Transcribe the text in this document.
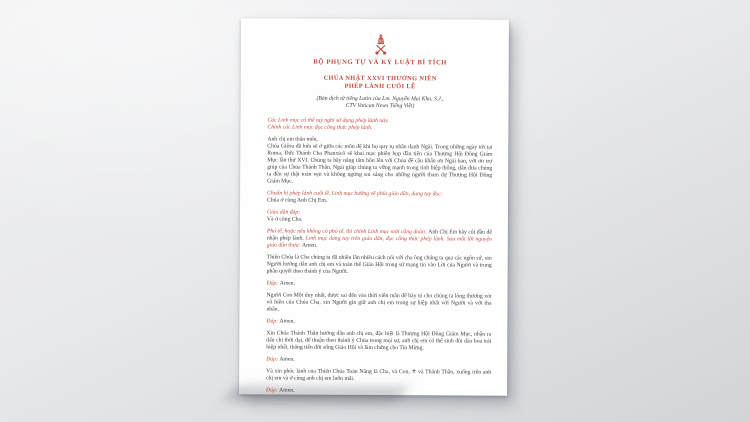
BỘ PHỤNG TỰ VÀ KỶ LUẬT BÍ TÍCH

CHÚA NHẬT XXVI THƯỜNG NIÊN

PHÉP LÀNH CUỐI LỄ

(Bản dịch từ tiếng Latin của Lm. Nguyễn Mai Kha, S.J.,

CTV Vatican News Tiếng Việt)

Các Linh mục có thể tuỳ nghi sử dụng phép lành này.

Chính các Linh mục đọc công thức phép lành.

Anh chị em thân mến,

Chúa Giêsu đã hứa sẽ ở giữa các môn đệ khi họ quy tụ nhân danh Ngài. Trong những ngày tới tại Roma, Đức Thánh Cha Phanxicô sẽ khai mạc phiên họp đầu tiên của Thượng Hội Đồng Giám Mục lần thứ XVI. Chúng ta hãy nâng tâm hồn lên với Chúa để cầu khẩn ơn Ngài ban, với ơn trợ giúp của Chúa Thánh Thần, Ngài giúp chúng ta vững mạnh trong tình hiệp thông, dẫn đưa chúng ta đến sự thật toàn vẹn và không ngừng soi sáng cho những người tham dự Thượng Hội Đồng Giám Mục.

Chuẩn bị phép lành cuối lễ, Linh mục hướng về phía giáo dân, dang tay đọc:

Chúa ở cùng Anh Chị Em.

Giáo dân đáp:

Và ở cùng Cha.

Phó tế, hoặc nếu không có phó tế, thì chính Linh mục mời cộng đoàn: Anh Chị Em hãy cúi đầu để nhận phép lành. Linh mục dang tay trên giáo dân, đọc công thức phép lành. Sau mỗi lời nguyện giáo dân thưa: Amen.

Thiên Chúa là Cha chúng ta đã nhiều lần nhiều cách nói với cha ông chúng ta qua các ngôn sứ, xin Người hướng dẫn anh chị em và toàn thể Giáo Hội trong sứ mạng tin vào Lời của Người và trong phân quyết theo thánh ý của Người.

Đáp: Amen.

Người Con Một duy nhất, được sai đến vào thời viên mãn để bày tỏ cho chúng ta lòng thương xót vô biên của Chúa Cha, xin Người gìn giữ anh chị em trong sự hiệp nhất với Người và với tha nhân.

Đáp: Amen.

Xin Chúa Thánh Thần hướng dẫn anh chị em, đặc biệt là Thượng Hội Đồng Giám Mục, nhận ra dấu chỉ thời đại, để thuận theo thánh ý Chúa trong mọi sự, anh chị em có thể sinh dồi dào hoa trái hiệp nhất, thăng tiến đời sống Giáo Hội và làm chứng cho Tin Mừng.

Đáp: Amen.

Và xin phúc lành của Thiên Chúa Toàn Năng là Cha, và Con, ✝ và Thánh Thần, xuống trên anh chị em và ở cùng anh chị em luôn mãi.

Đáp: Amen.
